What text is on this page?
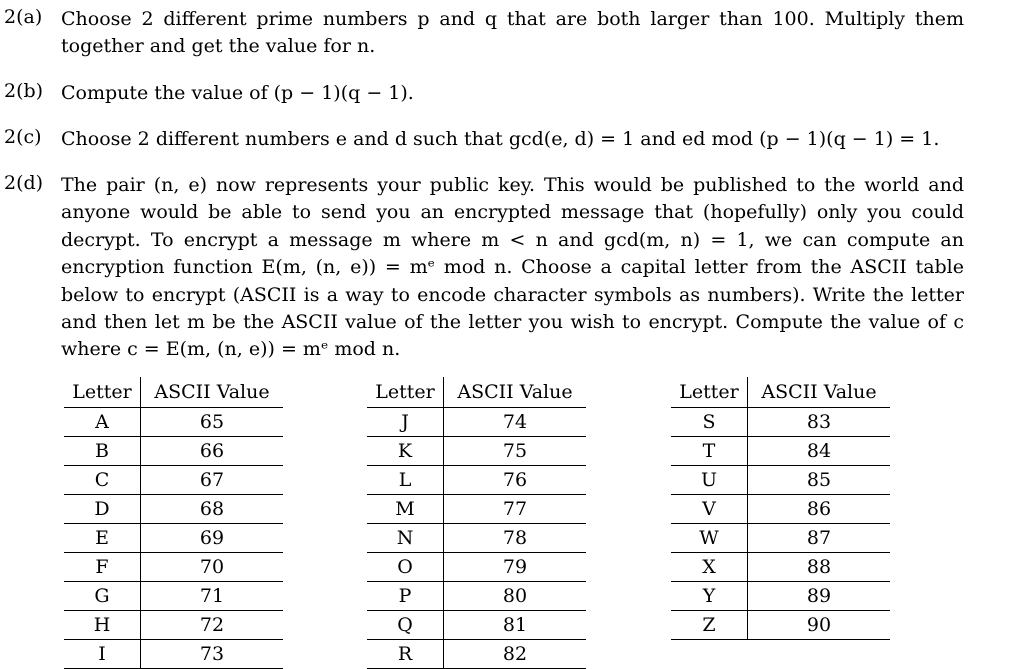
2(a) Choose 2 different prime numbers p and q that are both larger than 100. Multiply them
together and get the value for n.
2(b) Compute the value of (p − 1)(q − 1).
2(c) Choose 2 different numbers e and d such that gcd(e, d) = 1 and ed mod (p − 1)(q − 1) = 1.
2(d) The pair (n, e) now represents your public key. This would be published to the world and
anyone would be able to send you an encrypted message that (hopefully) only you could
decrypt. To encrypt a message m where m < n and gcd(m, n) = 1, we can compute an
encryption function E(m, (n, e)) = mᵉ mod n. Choose a capital letter from the ASCII table
below to encrypt (ASCII is a way to encode character symbols as numbers). Write the letter
and then let m be the ASCII value of the letter you wish to encrypt. Compute the value of c
where c = E(m, (n, e)) = mᵉ mod n.
Letter	ASCII Value
A	65
B	66
C	67
D	68
E	69
F	70
G	71
H	72
I	73
Letter	ASCII Value
J	74
K	75
L	76
M	77
N	78
O	79
P	80
Q	81
R	82
Letter	ASCII Value
S	83
T	84
U	85
V	86
W	87
X	88
Y	89
Z	90
